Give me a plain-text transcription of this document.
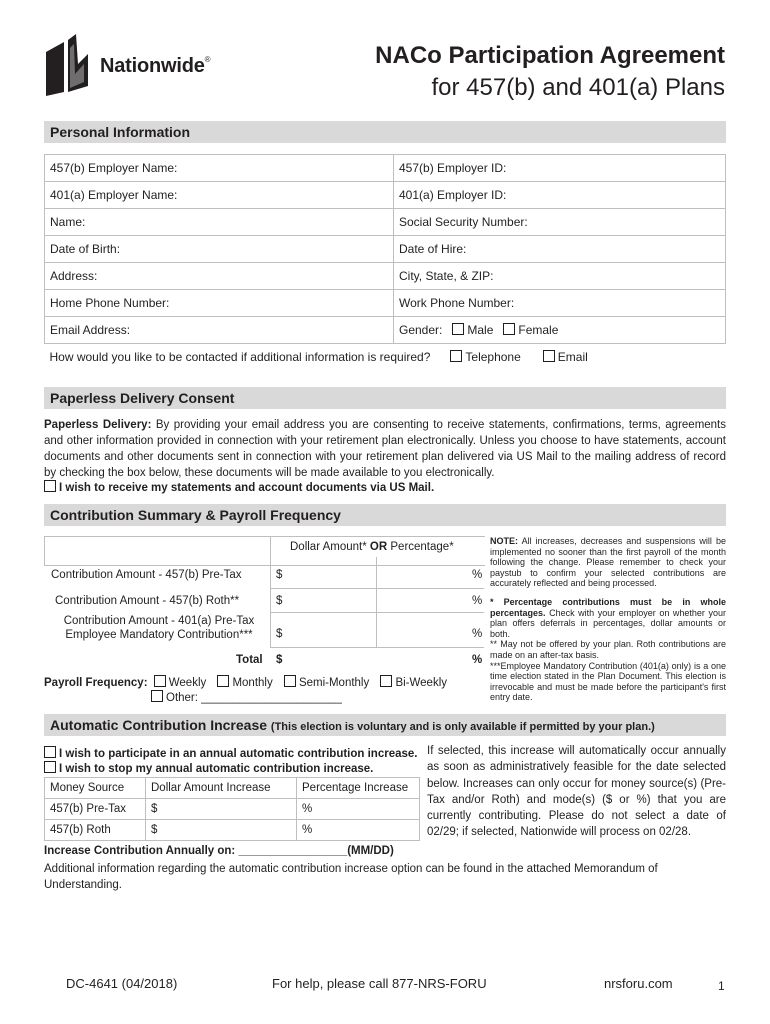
Nationwide®	NACo Participation Agreement
for 457(b) and 401(a) Plans
Personal Information
457(b) Employer Name:	457(b) Employer ID:
401(a) Employer Name:	401(a) Employer ID:
Name:	Social Security Number:
Date of Birth:	Date of Hire:
Address:	City, State, & ZIP:
Home Phone Number:	Work Phone Number:
Email Address:	Gender: Male Female
How would you like to be contacted if additional information is required? Telephone Email	
Paperless Delivery Consent
Paperless Delivery: By providing your email address you are consenting to receive statements, confirmations, terms, agreements and other information provided in connection with your retirement plan electronically. Unless you choose to have statements, account documents and other documents sent in connection with your retirement plan delivered via US Mail to the mailing address of record by checking the box below, these documents will be made available to you electronically.
I wish to receive my statements and account documents via US Mail.
Contribution Summary & Payroll Frequency
Dollar Amount* OR Percentage*
Contribution Amount - 457(b) Pre-Tax	$	%
Contribution Amount - 457(b) Roth**	$	%
Contribution Amount - 401(a) Pre-Tax
Employee Mandatory Contribution***	$	%
Total $	%
Payroll Frequency: Weekly Monthly Semi-Monthly Bi-Weekly
Other: ______________________
NOTE: All increases, decreases and suspensions will be implemented no sooner than the first payroll of the month following the change. Please remember to check your paystub to confirm your selected contributions are accurately reflected and being processed.
* Percentage contributions must be in whole percentages. Check with your employer on whether your plan offers deferrals in percentages, dollar amounts or both.
** May not be offered by your plan. Roth contributions are made on an after-tax basis.
***Employee Mandatory Contribution (401(a) only) is a one time election stated in the Plan Document. This election is irrevocable and must be made before the participant's first entry date.
Automatic Contribution Increase (This election is voluntary and is only available if permitted by your plan.)
I wish to participate in an annual automatic contribution increase.
I wish to stop my annual automatic contribution increase.
Money Source	Dollar Amount Increase	Percentage Increase
457(b) Pre-Tax	$	%
457(b) Roth	$	%
Increase Contribution Annually on: _________________(MM/DD)
If selected, this increase will automatically occur annually as soon as administratively feasible for the date selected below. Increases can only occur for money source(s) (Pre-Tax and/or Roth) and mode(s) ($ or %) that you are currently contributing. Please do not select a date of 02/29; if selected, Nationwide will process on 02/28.
Additional information regarding the automatic contribution increase option can be found in the attached Memorandum of Understanding.
DC-4641 (04/2018)	For help, please call 877-NRS-FORU	nrsforu.com	1
